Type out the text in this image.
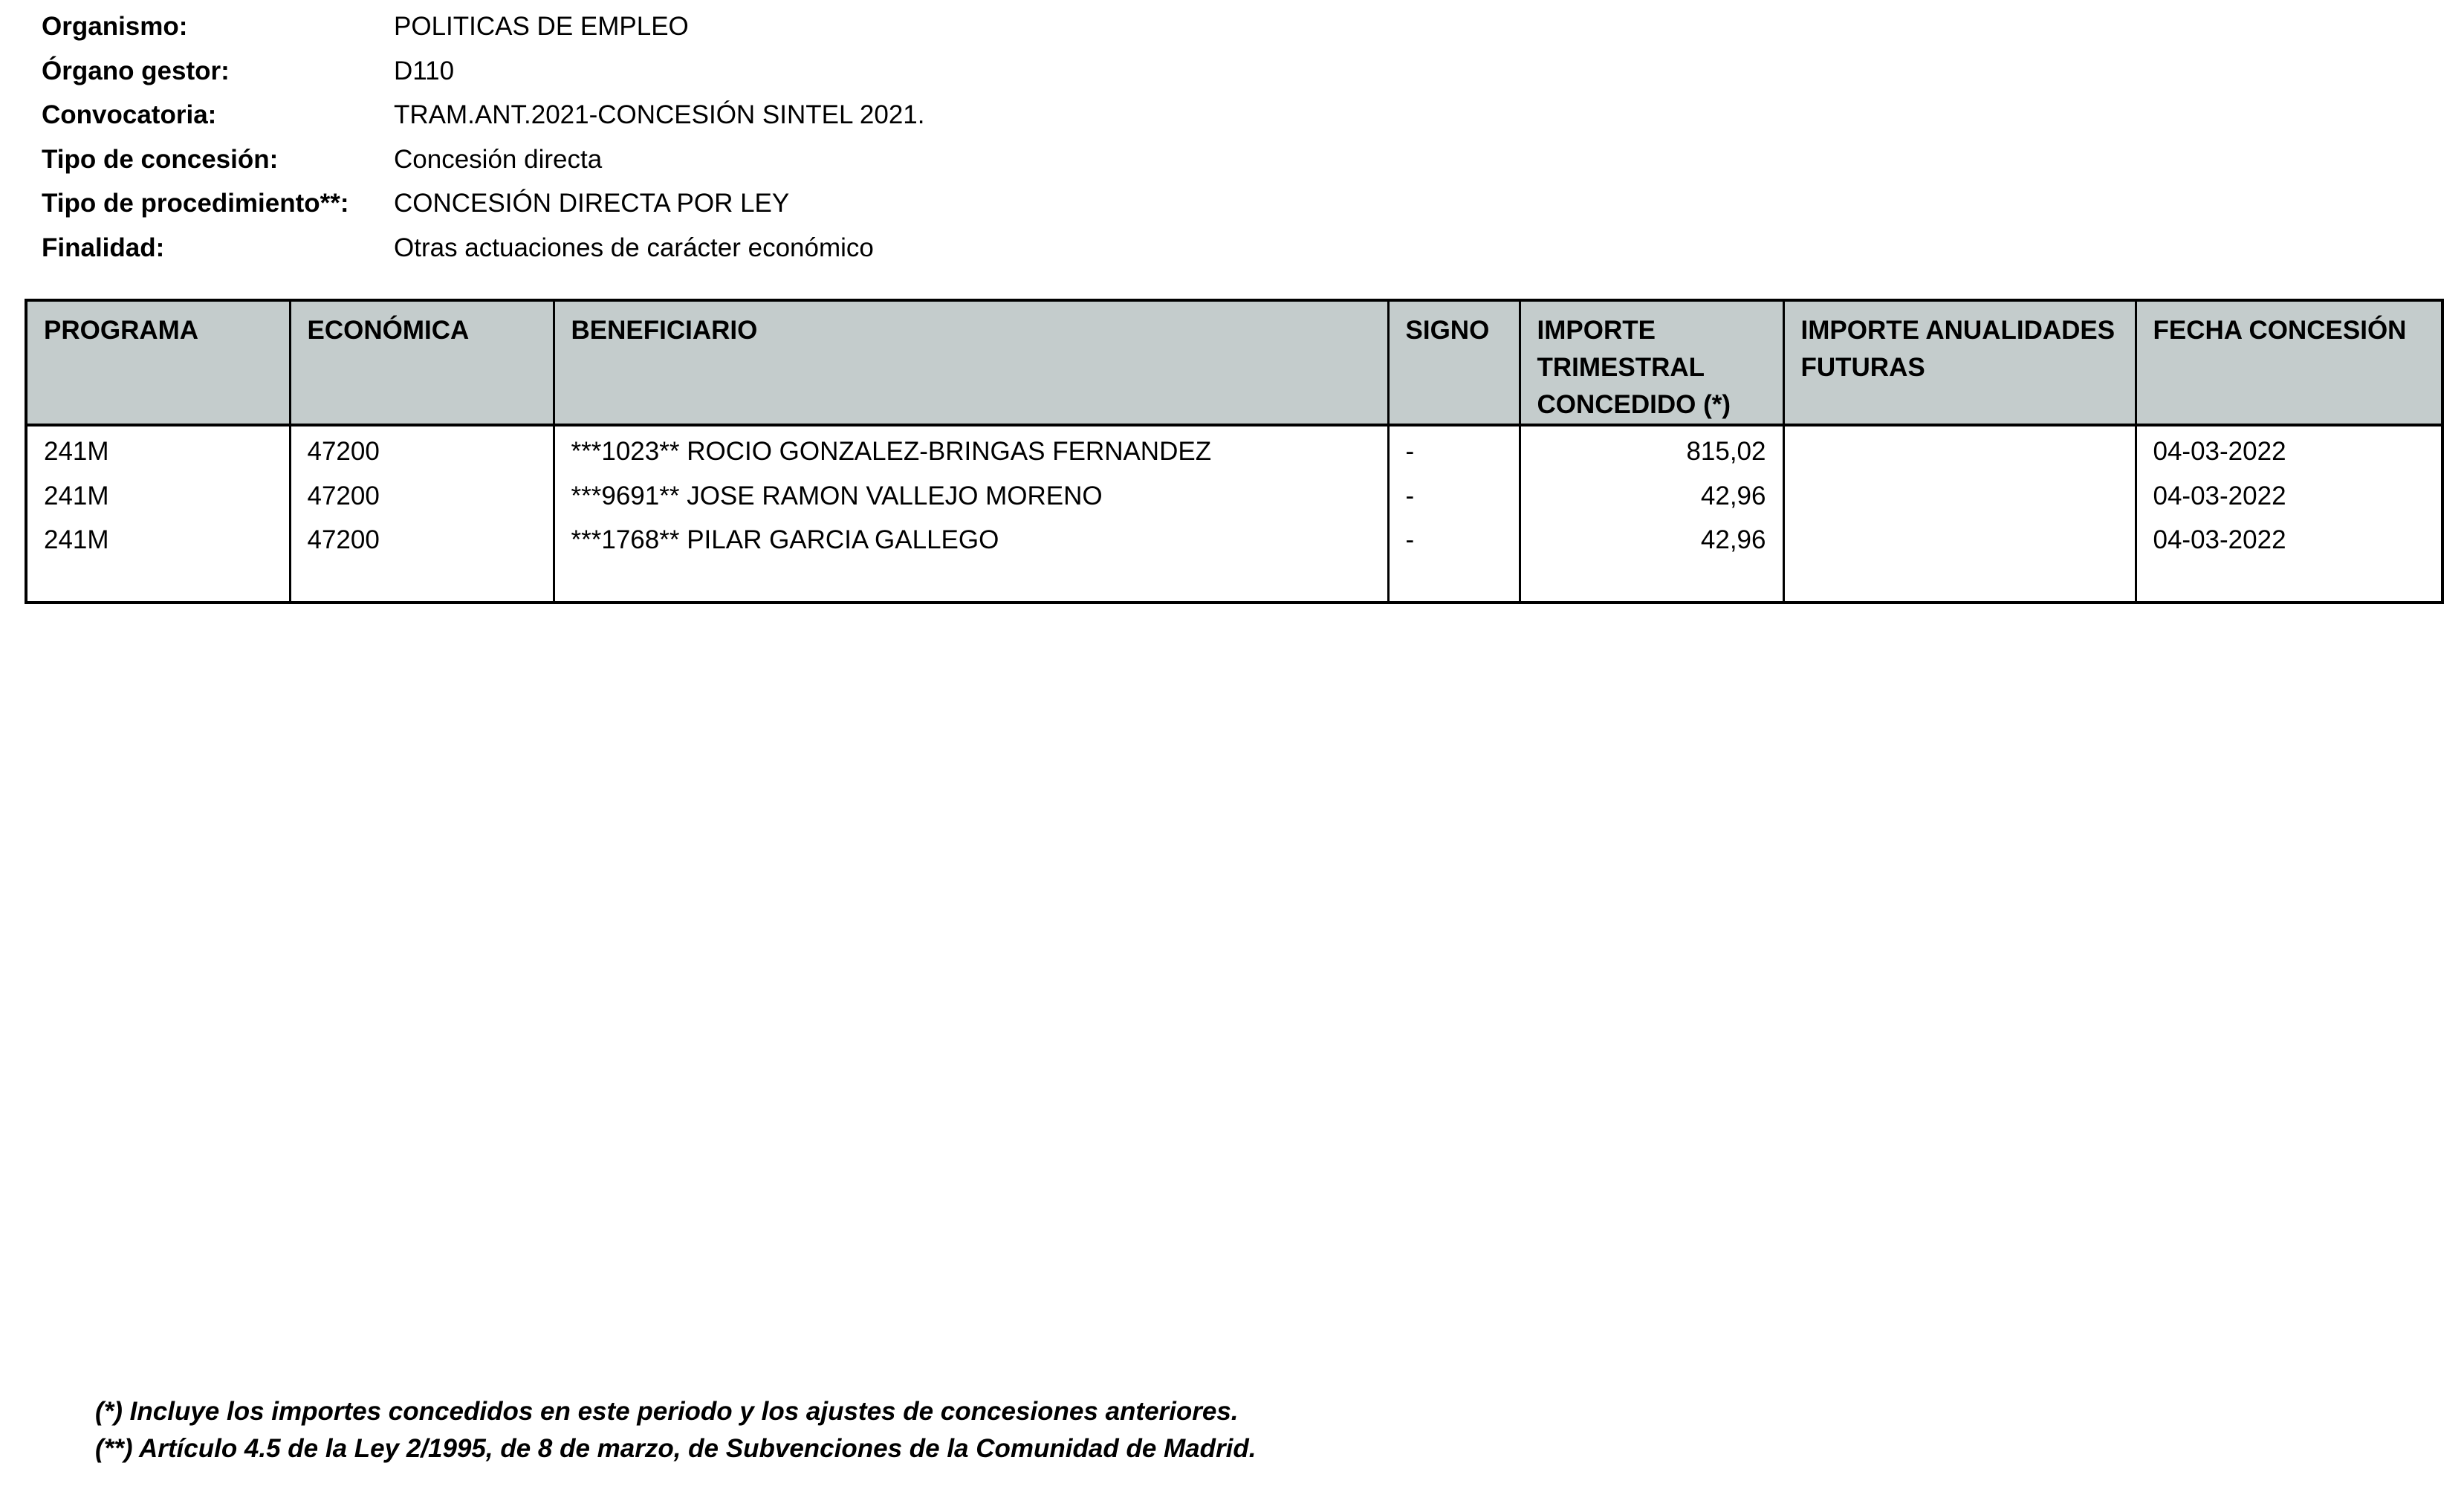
Organismo:	POLITICAS DE EMPLEO
Órgano gestor:	D110
Convocatoria:	TRAM.ANT.2021-CONCESIÓN SINTEL 2021.
Tipo de concesión:	Concesión directa
Tipo de procedimiento**: CONCESIÓN DIRECTA POR LEY
Finalidad:	Otras actuaciones de carácter económico
PROGRAMA	ECONÓMICA	BENEFICIARIO	SIGNO	IMPORTE TRIMESTRAL CONCEDIDO (*)	IMPORTE ANUALIDADES FUTURAS	FECHA CONCESIÓN
241M	47200	***1023** ROCIO GONZALEZ-BRINGAS FERNANDEZ	-	815,02		04-03-2022
241M	47200	***9691** JOSE RAMON VALLEJO MORENO	-	42,96		04-03-2022
241M	47200	***1768** PILAR GARCIA GALLEGO	-	42,96		04-03-2022

(*) Incluye los importes concedidos en este periodo y los ajustes de concesiones anteriores.
(**) Artículo 4.5 de la Ley 2/1995, de 8 de marzo, de Subvenciones de la Comunidad de Madrid.
